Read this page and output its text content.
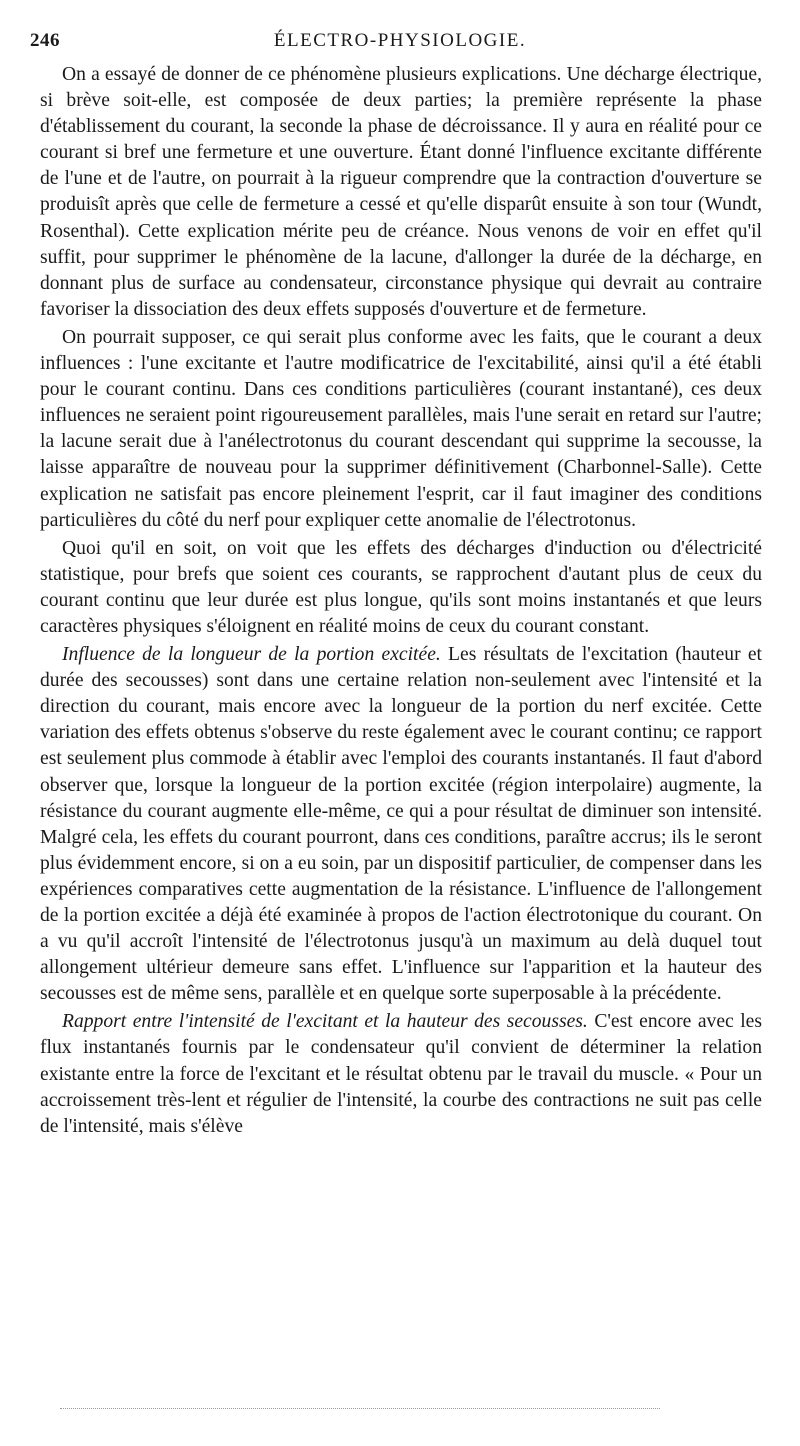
246	ÉLECTRO-PHYSIOLOGIE.

On a essayé de donner de ce phénomène plusieurs explications. Une décharge électrique, si brève soit-elle, est composée de deux parties; la première représente la phase d'établissement du courant, la seconde la phase de décroissance. Il y aura en réalité pour ce courant si bref une fermeture et une ouverture. Étant donné l'influence excitante différente de l'une et de l'autre, on pourrait à la rigueur comprendre que la contraction d'ouverture se produisît après que celle de fermeture a cessé et qu'elle disparût ensuite à son tour (Wundt, Rosenthal). Cette explication mérite peu de créance. Nous venons de voir en effet qu'il suffit, pour supprimer le phénomène de la lacune, d'allonger la durée de la décharge, en donnant plus de surface au condensateur, circonstance physique qui devrait au contraire favoriser la dissociation des deux effets supposés d'ouverture et de fermeture.

On pourrait supposer, ce qui serait plus conforme avec les faits, que le courant a deux influences : l'une excitante et l'autre modificatrice de l'excitabilité, ainsi qu'il a été établi pour le courant continu. Dans ces conditions particulières (courant instantané), ces deux influences ne seraient point rigoureusement parallèles, mais l'une serait en retard sur l'autre; la lacune serait due à l'anélectrotonus du courant descendant qui supprime la secousse, la laisse apparaître de nouveau pour la supprimer définitivement (Charbonnel-Salle). Cette explication ne satisfait pas encore pleinement l'esprit, car il faut imaginer des conditions particulières du côté du nerf pour expliquer cette anomalie de l'électrotonus.

Quoi qu'il en soit, on voit que les effets des décharges d'induction ou d'électricité statistique, pour brefs que soient ces courants, se rapprochent d'autant plus de ceux du courant continu que leur durée est plus longue, qu'ils sont moins instantanés et que leurs caractères physiques s'éloignent en réalité moins de ceux du courant constant.

Influence de la longueur de la portion excitée. Les résultats de l'excitation (hauteur et durée des secousses) sont dans une certaine relation non-seulement avec l'intensité et la direction du courant, mais encore avec la longueur de la portion du nerf excitée. Cette variation des effets obtenus s'observe du reste également avec le courant continu; ce rapport est seulement plus commode à établir avec l'emploi des courants instantanés. Il faut d'abord observer que, lorsque la longueur de la portion excitée (région interpolaire) augmente, la résistance du courant augmente elle-même, ce qui a pour résultat de diminuer son intensité. Malgré cela, les effets du courant pourront, dans ces conditions, paraître accrus; ils le seront plus évidemment encore, si on a eu soin, par un dispositif particulier, de compenser dans les expériences comparatives cette augmentation de la résistance. L'influence de l'allongement de la portion excitée a déjà été examinée à propos de l'action électrotonique du courant. On a vu qu'il accroît l'intensité de l'électrotonus jusqu'à un maximum au delà duquel tout allongement ultérieur demeure sans effet. L'influence sur l'apparition et la hauteur des secousses est de même sens, parallèle et en quelque sorte superposable à la précédente.

Rapport entre l'intensité de l'excitant et la hauteur des secousses. C'est encore avec les flux instantanés fournis par le condensateur qu'il convient de déterminer la relation existante entre la force de l'excitant et le résultat obtenu par le travail du muscle. « Pour un accroissement très-lent et régulier de l'intensité, la courbe des contractions ne suit pas celle de l'intensité, mais s'élève
